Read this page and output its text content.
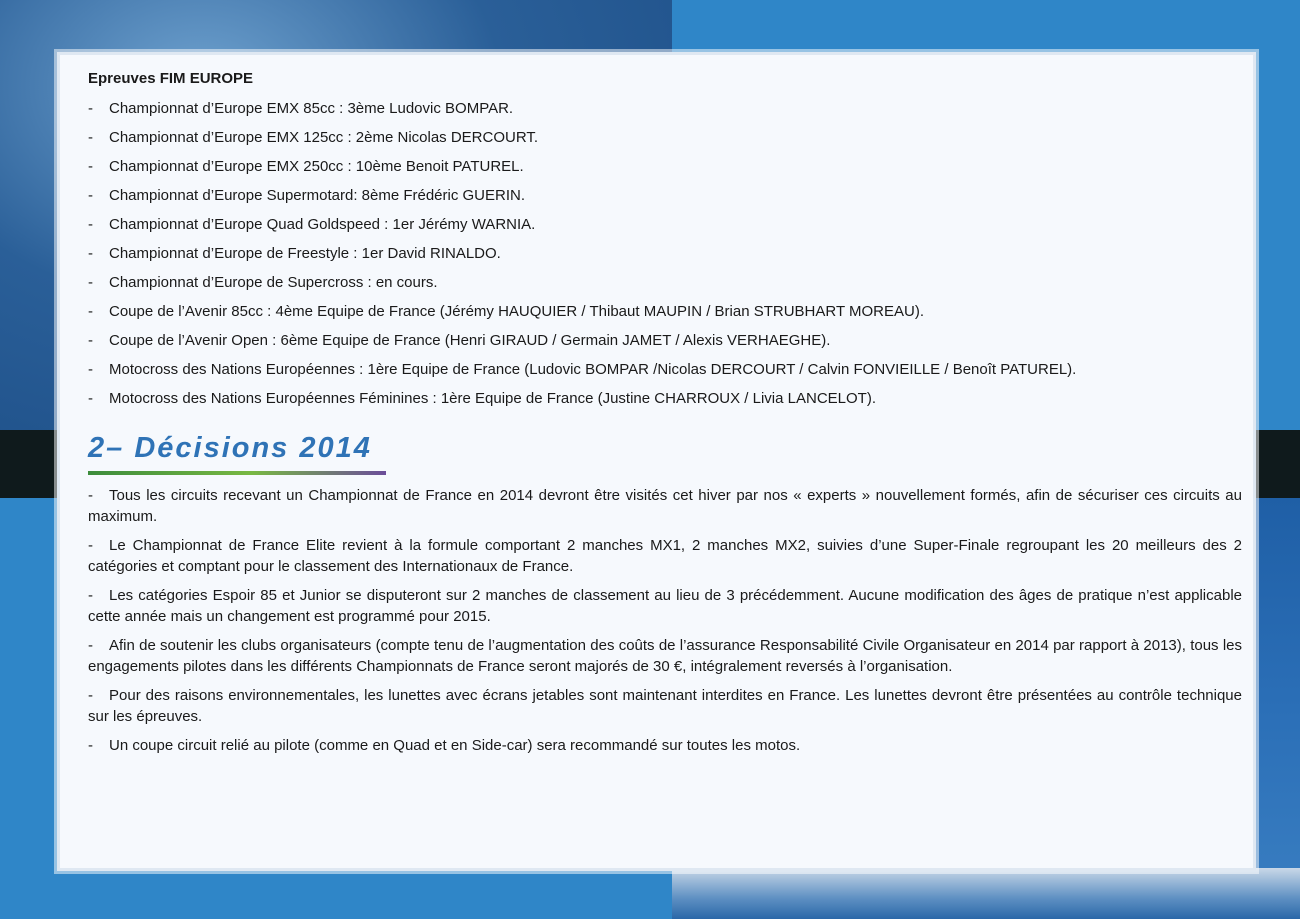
Epreuves FIM EUROPE
- Championnat d’Europe EMX 85cc : 3ème Ludovic BOMPAR.
- Championnat d’Europe EMX 125cc : 2ème Nicolas DERCOURT.
- Championnat d’Europe EMX 250cc : 10ème Benoit PATUREL.
- Championnat d’Europe Supermotard: 8ème Frédéric GUERIN.
- Championnat d’Europe Quad Goldspeed : 1er Jérémy WARNIA.
- Championnat d’Europe de Freestyle : 1er David RINALDO.
- Championnat d’Europe de Supercross : en cours.
- Coupe de l’Avenir 85cc : 4ème Equipe de France (Jérémy HAUQUIER / Thibaut MAUPIN / Brian STRUBHART MOREAU).
- Coupe de l’Avenir Open : 6ème Equipe de France (Henri GIRAUD / Germain JAMET / Alexis VERHAEGHE).
- Motocross des Nations Européennes : 1ère Equipe de France (Ludovic BOMPAR /Nicolas DERCOURT / Calvin FONVIEILLE / Benoît PATUREL).
- Motocross des Nations Européennes Féminines : 1ère Equipe de France (Justine CHARROUX / Livia LANCELOT).
2– Décisions 2014

- Tous les circuits recevant un Championnat de France en 2014 devront être visités cet hiver par nos « experts » nouvellement formés, afin de sécuriser ces circuits au maximum.

- Le Championnat de France Elite revient à la formule comportant 2 manches MX1, 2 manches MX2, suivies d’une Super-Finale regroupant les 20 meilleurs des 2 catégories et comptant pour le classement des Internationaux de France.

- Les catégories Espoir 85 et Junior se disputeront sur 2 manches de classement au lieu de 3 précédemment. Aucune modification des âges de pratique n’est applicable cette année mais un changement est programmé pour 2015.

- Afin de soutenir les clubs organisateurs (compte tenu de l’augmentation des coûts de l’assurance Responsabilité Civile Organisateur en 2014 par rapport à 2013), tous les engagements pilotes dans les différents Championnats de France seront majorés de 30 €, intégralement reversés à l’organisation.

- Pour des raisons environnementales, les lunettes avec écrans jetables sont maintenant interdites en France. Les lunettes devront être présentées au contrôle technique sur les épreuves.

- Un coupe circuit relié au pilote (comme en Quad et en Side-car) sera recommandé sur toutes les motos.
